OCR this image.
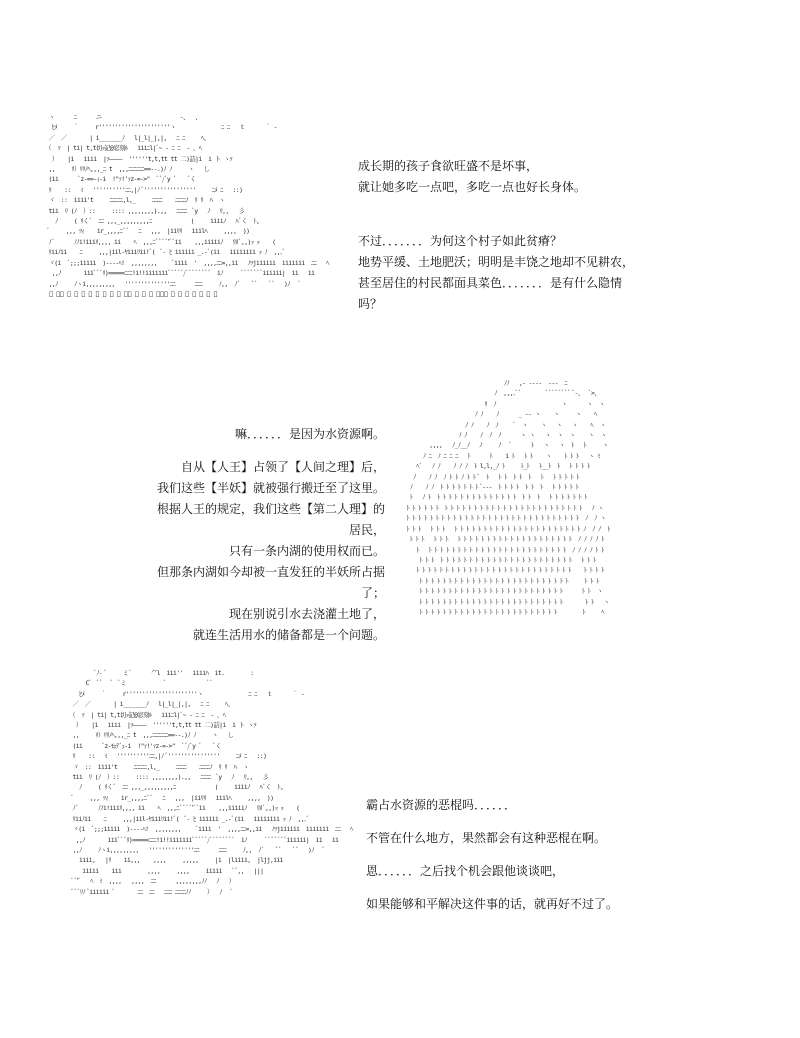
ヽ      ﾆ      ニ                        ‐、  、
ﾋﾒ     ｀     r''''''''''''''''''''''ヽ              ﾆ ﾆ   ｔ      ｀ ‐
／  ／       | i_______ﾉ   l|_l|_|,|,   ﾆ ﾆ     ﾍ、
（  ｿ  | ti| t,t切ｯ記@窓刻ﾙ   iiiﾆl|ﾞ~ ‐ ﾆ ﾆ  ‐ ､ ﾍ
）   |i   iiii  |ｿ――――  ''''''t,t,tt tt 二)詰|i  i ト ヽｿ
,,     ﾘ）ﾘﾘﾉﾍ,,,_ﾆ t  ,,,ﾆﾆﾆﾆﾆﾆ==‐-.)ﾉ ﾉ     ヽ   し
(ii      ﾞz‐==‐ｨ-i  !"ｧ!'ｧz‐=‐>"  ﾞﾞ/ﾞy ﾞ    ﾞく
ﾘ    ::   ﾐ   ''''''''''ﾆﾆ,|ﾉ ﾞ''''''''''''''''     ﾆﾒ ﾆ   ::)
ヾ  ::  iiii't     ﾆﾆﾆﾆﾆ,l,_     ﾆﾆﾆﾆ    ﾆﾆﾆﾆﾉ  ﾘ ﾘ  ﾊ  ヽ
tii  ﾘ (ﾉ  ）::     :::: ,,,,,,,,).,,   ﾆﾆﾆﾆ  ﾞy   ﾉ   ﾘ,,   彡
ﾉ     ( ﾘくﾞ  ﾆﾆ ,,,_,,,,,,,,,ﾆ            (     iiiiﾉ   ﾊﾞく  ﾄ,
ﾞ     ,,, ﾂｨ    ir_,,,,ﾆﾞﾞ   ﾆ   ,,,  |iiﾘﾘ   iiilﾍ     ,,,,  ))
ﾉﾞ      ﾉﾉi!iiiﾘ,,,, ii    ﾍ  ,,,ﾆﾞﾞﾞﾞ'ﾞﾞii    ,,,iiiiiﾉ   ﾘﾇﾞ,,)ｯ ｯ    (
ﾘiiﾉii    ﾆ     ,,,|iil‐ﾔiiiﾘii!ﾞ(  ﾞ‐ ﾋ iiiiii _.‐ﾞ(ii   iiiiiiii ｯ ﾉ  ,,,ﾞ
ヾ(i  ﾞ;;;iiiii  )‐‐‐‐ﾍ!  ,,,,,,,,     ﾞiiii  '  ,,,,ﾆﾆ=,,ii   ﾉﾂjiiiiii  iiiiiii  ﾆﾆ   ﾍ
,,ﾉ       iiiﾞﾞﾞﾘ)=====ﾆﾆﾆ!i!!iiiiiiiﾞﾞﾞﾞﾞ/ﾞﾞﾞﾞﾞﾞﾞﾞ  iﾉ      ﾞﾞﾞﾞﾞﾞﾞiiiiii|  ii   ii
,,ﾉ     ﾉヽi,,,,,,,,,   ''''''''''''''ﾆﾆ      ﾆﾆﾆ     ﾉ,,  ﾉﾞ    ﾞﾞ    ﾞﾞ   )ﾉ   ﾞ
ﾞ ﾞﾞ ﾞ ﾞ ﾞ ﾞ ﾞ ﾞ ﾞ ﾞ ﾞﾞ ﾞ ﾞ ﾞ ﾞﾞﾞ ﾞ ﾞ ﾞ ﾞ ﾞ ﾞ ﾞ

成长期的孩子食欲旺盛不是坏事，

就让她多吃一点吧，多吃一点也好长身体。

不过．．．．．．．为何这个村子如此贫瘠？

地势平缓、土地肥沃；明明是丰饶之地却不见耕农，

甚至居住的村民都面具菜色．．．．．．．是有什么隐情

吗？

嘛．．．．．．是因为水资源啊。

自从【人王】占领了【人间之理】后，

我们这些【半妖】就被强行搬迁至了这里。

根据人王的规定，我们这些【第二人理】的

居民，

只有一条内湖的使用权而已。

但那条内湖如今却被一直发狂的半妖所占据

了；

现在别说引水去浇灌土地了，

就连生活用水的储备都是一个问题。

ﾉﾉ   ,‐ ‐‐‐‐  ‐‐‐  ﾆ
ﾉ  ,,,,ﾞﾞ        ﾞﾞﾞﾞﾞﾞﾞﾞ ﾞ‐、  ﾞ>、
ﾘ  ﾉ                    ヽ      ヽ  ヽ
ﾉ ﾉ    ﾉ      _ ‐‐ ヽ    ヽ     ヽ    ﾍ
ﾉ ﾉ    ﾉ  ﾉ     ﾞ  ヽ    ヽ   ヽ   ヽ    ﾍ  ヽ
ﾉ ﾉ    ﾉ  ﾉ  ﾉ      ヽ ヽ   ヽ  ヽ  ヽ    ヽ  ヽ
,,,,   ﾉ_ﾉ__ﾉ   ﾉ     ﾉ   ﾞ      ﾄ   ヽ   ヽ  ﾄ   ﾄ     ヽ
ﾉ ﾆ  ﾉ ﾆ ﾆ ﾆ   ﾄ      ﾄ    i ﾄ   ﾄ ﾄ    ヽ    ﾄ ﾄ ﾄ   ヽ ﾐ
ﾍﾞ   ﾉ ﾉ    ﾉ ﾉ ﾉ  ﾄ l,l,_ﾉ ﾄ     ﾄ_ﾄ   ﾄ__ﾄ  ﾄ   ﾄ ﾄ ﾄ ﾄ
ﾉ    ﾉ ﾉ  ﾉ ﾄ ﾄ ﾉ ﾄ ﾄ ﾞ  ﾄ   ﾄ ﾄ  ﾄ ﾄ  ﾄ   ﾄ   ﾄ ﾄ ﾄ ﾄ ﾄ
ﾉ    ﾉ ﾉ  ﾄ ﾄ ﾄ ﾄ ﾄ ﾄ ﾄ ﾞ‐‐‐  ﾄ ﾄ ﾄ ﾄ  ﾄ ﾄ  ﾄ   ﾄ ﾄ ﾄ ﾄ ﾄ
ﾄ   ﾉ ﾄ  ﾄ ﾄ ﾄ ﾄ ﾄ ﾄ ﾄ ﾄ ﾄ ﾄ ﾄ ﾄ ﾄ ﾄ  ﾄ ﾄ  ﾄ   ﾄ ﾄ ﾄ ﾄ ﾄ ﾄ ﾄ
ﾄ ﾄ ﾄ ﾄ ﾄ ﾄ  ﾄ ﾄ ﾄ ﾄ ﾄ ﾄ ﾄ ﾄ ﾄ ﾄ ﾄ ﾄ ﾄ ﾄ ﾄ ﾄ ﾄ ﾄ ﾄ ﾄ ﾄ ﾄ ﾄ ﾄ   ﾉ ヽ
ﾄ ﾄ ﾄ ﾄ ﾄ ﾄ ﾄ ﾄ ﾄ ﾄ ﾄ ﾄ ﾄ ﾄ ﾄ ﾄ ﾄ ﾄ ﾄ ﾄ ﾄ ﾄ ﾄ ﾄ ﾄ ﾄ ﾄ ﾄ ﾄ ﾄ  ﾉ  ﾉ ヽ
ﾄ ﾄ ﾄ   ﾄ ﾄ ﾄ   ﾄ ﾄ ﾄ ﾄ ﾄ ﾄ ﾄ ﾄ ﾄ ﾄ ﾄ ﾄ ﾄ ﾄ ﾄ ﾄ ﾄ ﾄ ﾄ ﾄ ﾄ ﾄ ﾉ  ﾉ ﾉ  ﾄ
ﾄ ﾄ ﾄ   ﾄ ﾄ ﾄ   ﾄ ﾄ ﾄ ﾄ ﾄ ﾄ ﾄ ﾄ ﾄ ﾄ ﾄ ﾄ ﾄ ﾄ ﾄ ﾄ ﾄ ﾄ ﾄ ﾄ  ﾉ ﾉ ﾉ ﾉ ﾄ
ﾄ   ﾄ ﾄ ﾄ ﾄ ﾄ ﾄ ﾄ ﾄ ﾄ ﾄ ﾄ ﾄ ﾄ ﾄ ﾄ ﾄ ﾄ ﾄ ﾄ ﾄ ﾄ ﾄ ﾄ ﾄ  ﾉ ﾉ ﾉ ﾉ ﾄ ﾄ
ﾄ ﾄ ﾄ  ﾄ ﾄ ﾄ ﾄ ﾄ ﾄ ﾄ ﾄ ﾄ ﾄ ﾄ ﾄ ﾄ ﾄ ﾄ ﾄ ﾄ ﾄ ﾄ ﾄ ﾄ ﾄ ﾄ   ﾄ ﾄ ﾄ
ﾄ ﾄ ﾄ ﾄ ﾄ ﾄ ﾄ ﾄ ﾄ ﾄ ﾄ ﾄ ﾄ ﾄ ﾄ ﾄ ﾄ ﾄ ﾄ ﾄ ﾄ ﾄ ﾄ ﾄ ﾄ ﾄ ﾄ    ﾄ ﾄ ﾄ ﾄ
ﾄ ﾄ ﾄ ﾄ ﾄ ﾄ ﾄ ﾄ ﾄ ﾄ ﾄ ﾄ ﾄ ﾄ ﾄ ﾄ ﾄ ﾄ ﾄ ﾄ ﾄ ﾄ ﾄ ﾄ ﾄ ﾄ     ﾄ ﾄ ﾄ
ﾄ ﾄ ﾄ ﾄ ﾄ ﾄ ﾄ ﾄ ﾄ ﾄ ﾄ ﾄ ﾄ ﾄ ﾄ ﾄ ﾄ ﾄ ﾄ ﾄ ﾄ ﾄ ﾄ ﾄ ﾄ      ﾄ ﾄ  ヽ
ﾄ ﾄ ﾄ ﾄ ﾄ ﾄ ﾄ ﾄ ﾄ ﾄ ﾄ ﾄ ﾄ ﾄ ﾄ ﾄ ﾄ ﾄ ﾄ ﾄ ﾄ ﾄ ﾄ ﾄ ﾄ       ﾄ ﾄ   ヽ
ﾄ ﾄ ﾄ ﾄ ﾄ ﾄ ﾄ ﾄ ﾄ ﾄ ﾄ ﾄ ﾄ ﾄ ﾄ ﾄ ﾄ ﾄ ﾄ ﾄ ﾄ ﾄ ﾄ ﾄ        ﾄ     ﾍ
ﾞﾉ‐ ﾞ     ミﾞ      ⺈l  iii''   iiiiﾊ  it.        :
Cﾞ  ﾞﾞ   ﾞ  ﾞミ            ﾞ             ﾞﾞ
ﾋﾒ     ｀     r''''''''''''''''''''''ヽ              ﾆ ﾆ   ｔ      ｀ ‐
／  ／       | i_______ﾉ   l|_l|_|,|,   ﾆ ﾆ     ﾍ、
（  ｿ  | ti| t,t切ｯ記@窓刻ﾙ   iiiﾆl|ﾞ~ ‐ ﾆ ﾆ  ‐ ､ ﾍ
）   |i   iiii  |ｿ――――  ''''''t,t,tt tt 二)詰|i  i ト ヽｿ
,,     ﾘ）ﾘﾘﾉﾍ,,,_ﾆ t  ,,,ﾆﾆﾆﾆﾆﾆ==‐-.)ﾉ ﾉ     ヽ   し
(ii      ﾞz‐ﾓｪﾃﾞｪ-i  !"ｧ!'ｧz‐=‐>"  ﾞﾞ/ﾞy ﾞ    ﾞく
ﾘ    ::   ﾐ   ''''''''''ﾆﾆ,|ﾉ ﾞ''''''''''''''''     ﾆﾒ ﾆ   ::)
ヾ  ::  iiii't     ﾆﾆﾆﾆﾆ,l,_     ﾆﾆﾆﾆ    ﾆﾆﾆﾆﾉ  ﾘ ﾘ  ﾊ  ヽ
tii  ﾘ (ﾉ  ）::     :::: ,,,,,,,,).,,   ﾆﾆﾆﾆ  ﾞy   ﾉ   ﾘ,,   彡
ﾉ     ( ﾘくﾞ  ﾆﾆ ,,,_,,,,,,,,,ﾆ            (     iiiiﾉ   ﾊﾞく  ﾄ,
ﾞ     ,,, ﾂｨ    ir_,,,,ﾆﾞﾞ   ﾆ   ,,,  |iiﾘﾘ   iiilﾍ     ,,,,  ))
ﾉﾞ      ﾉﾉi!iiiﾘ,,,, ii    ﾍ  ,,,ﾆﾞﾞﾞﾞ'ﾞﾞii    ,,,iiiiiﾉ   ﾘﾇﾞ,,)ｯ ｯ    (
ﾘiiﾉii    ﾆ     ,,,|iil‐ﾔiiiﾘii!ﾞ(  ﾞ‐ ﾋ iiiiii _.‐ﾞ(ii   iiiiiiii ｯ ﾉ  ,,,ﾞ
ヾ(i  ﾞ;;;iiiii  )‐‐‐‐ﾍ!  ,,,,,,,,     ﾞiiii  '  ,,,,ﾆﾆ=,,ii   ﾉﾂjiiiiii  iiiiiii  ﾆﾆ   ﾍ
,,ﾉ       iiiﾞﾞﾞﾘ)=====ﾆﾆﾆ!i!!iiiiiiiﾞﾞﾞﾞﾞ/ﾞﾞﾞﾞﾞﾞﾞﾞ  iﾉ      ﾞﾞﾞﾞﾞﾞﾞiiiiii|  ii   ii
,,ﾉ     ﾉヽi,,,,,,,,,   ''''''''''''''ﾆﾆ      ﾆﾆﾆ     ﾉ,,  ﾉﾞ    ﾞﾞ    ﾞﾞ   )ﾉ   ﾞ
iiii,   |ﾘ    ii,,,    ,,,,     ,,,,,     |i  |liiii,  |ljj,iii
iiiii    iii        ,,,,     ,,,,     iiiii   ﾞﾞ,,   |||
ﾞﾞ'ﾞ   ﾍ  ﾐ  ,,,,   ,,,,  ﾆﾆ      ,,,,,,,,ﾉﾉ   ﾉ   ）
ﾞﾞﾞﾘﾉ ﾞiiiiii ﾞ       ﾆﾆ  ﾆﾆ   ﾆﾆﾆ ﾆﾆﾆﾆﾉﾉ     ）  ﾉ   ﾞ

霸占水资源的恶棍吗．．．．．．

不管在什么地方，果然都会有这种恶棍在啊。

恩．．．．．．之后找个机会跟他谈谈吧，

如果能够和平解决这件事的话，就再好不过了。
